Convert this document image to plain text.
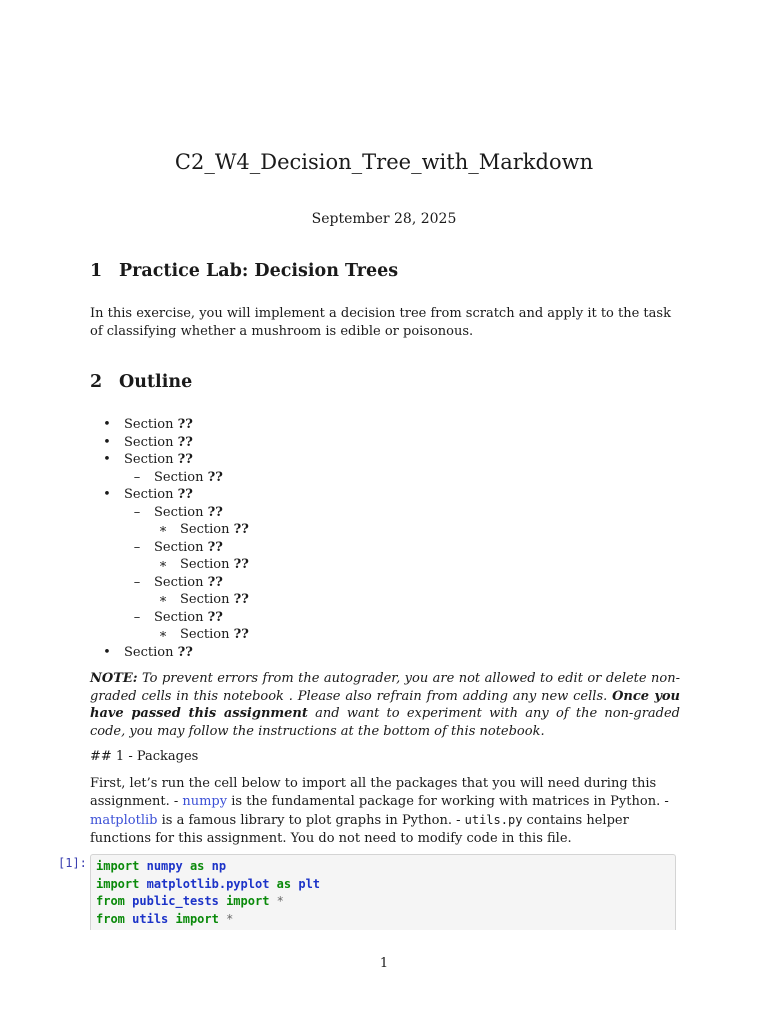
C2_W4_Decision_Tree_with_Markdown
September 28, 2025
1 Practice Lab: Decision Trees

In this exercise, you will implement a decision tree from scratch and apply it to the task of classifying whether a mushroom is edible or poisonous.

2 Outline
• Section ??
• Section ??
• Section ??
– Section ??
• Section ??
– Section ??
∗ Section ??
– Section ??
∗ Section ??
– Section ??
∗ Section ??
– Section ??
∗ Section ??
• Section ??

NOTE: To prevent errors from the autograder, you are not allowed to edit or delete non-graded cells in this notebook . Please also refrain from adding any new cells. Once you have passed this assignment and want to experiment with any of the non-graded code, you may follow the instructions at the bottom of this notebook.

## 1 - Packages

First, let’s run the cell below to import all the packages that you will need during this assignment. - numpy is the fundamental package for working with matrices in Python. - matplotlib is a famous library to plot graphs in Python. - utils.py contains helper functions for this assignment. You do not need to modify code in this file.

[1]: import numpy as np
import matplotlib.pyplot as plt
from public_tests import *
from utils import *
1
